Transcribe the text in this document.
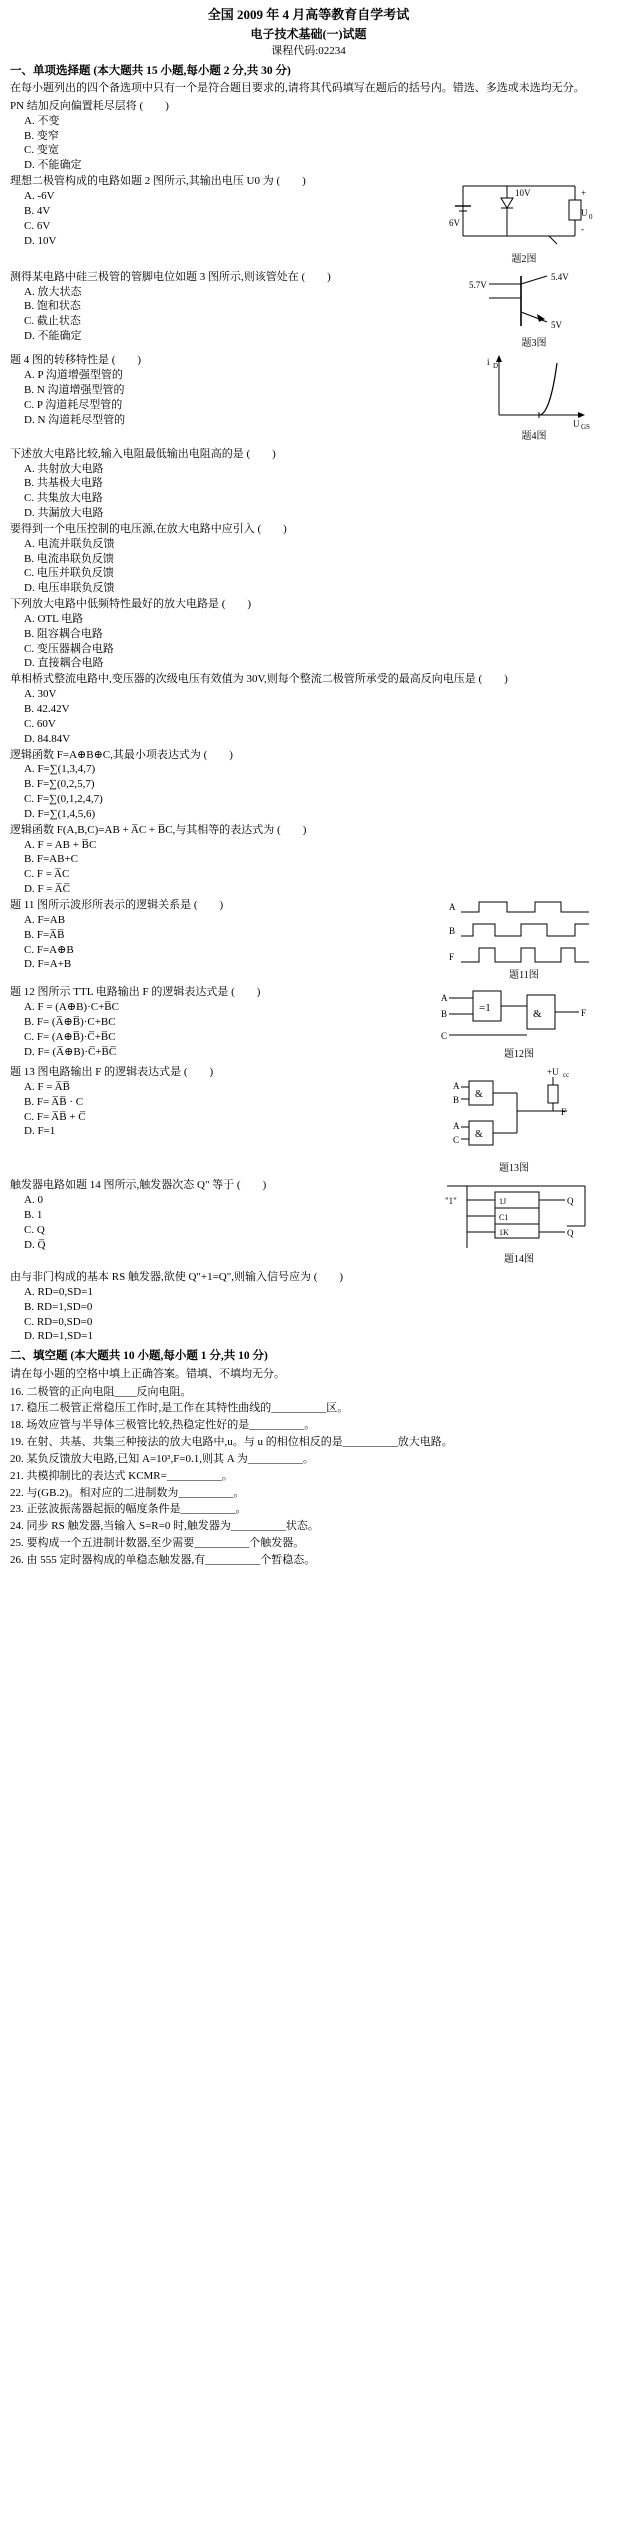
全国 2009 年 4 月高等教育自学考试
电子技术基础(一)试题
课程代码:02234
一、单项选择题 (本大题共 15 小题,每小题 2 分,共 30 分)
在每小题列出的四个备选项中只有一个是符合题目要求的,请将其代码填写在题后的括号内。错选、多选或未选均无分。
PN 结加反向偏置耗尽层将 (　　)
A. 不变
B. 变窄
C. 变宽
D. 不能确定
6V
10V	+
U 0
-
题2图
理想二极管构成的电路如题 2 图所示,其输出电压 U0 为 (　　)
A. -6V
B. 4V
C. 6V
D. 10V
5.7V
5.4V
5V
题3图
测得某电路中硅三极管的管脚电位如题 3 图所示,则该管处在 (　　)
A. 放大状态
B. 饱和状态
C. 截止状态
D. 不能确定
i D
U GS
题4图
题 4 图的转移特性是 (　　)
A. P 沟道增强型管的
B. N 沟道增强型管的
C. P 沟道耗尽型管的
D. N 沟道耗尽型管的
下述放大电路比较,输入电阻最低输出电阻高的是 (　　)
A. 共射放大电路
B. 共基极大电路
C. 共集放大电路
D. 共漏放大电路
要得到一个电压控制的电压源,在放大电路中应引入 (　　)
A. 电流并联负反馈
B. 电流串联负反馈
C. 电压并联负反馈
D. 电压串联负反馈
下列放大电路中低频特性最好的放大电路是 (　　)
A. OTL 电路
B. 阻容耦合电路
C. 变压器耦合电路
D. 直接耦合电路
单相桥式整流电路中,变压器的次级电压有效值为 30V,则每个整流二极管所承受的最高反向电压是 (　　)
A. 30V
B. 42.42V
C. 60V
D. 84.84V
逻辑函数 F=A⊕B⊕C,其最小项表达式为 (　　)
A. F=∑(1,3,4,7)
B. F=∑(0,2,5,7)
C. F=∑(0,1,2,4,7)
D. F=∑(1,4,5,6)
逻辑函数 F(A,B,C)=AB + A̅C + B̅C,与其相等的表达式为 (　　)
A. F = AB + B̅C
B. F=AB+C
C. F = A̅C
D. F = A̅C̅
A
B
F
题11图
题 11 图所示波形所表示的逻辑关系是 (　　)
A. F=AB
B. F=A̅B̅
C. F=A⊕B
D. F=A+B
A
B
C
=1	&	F
题12图
题 12 图所示 TTL 电路输出 F 的逻辑表达式是 (　　)
A. F = (A⊕B)·C+B̅C
B. F= (A̅⊕B̅)·C+BC
C. F= (A⊕B̅)·C̅+B̅C
D. F= (A̅⊕B)·C̅+B̅C̅
+U cc
F
&
A
B
&
A
C
题13图
题 13 图电路输出 F 的逻辑表达式是 (　　)
A. F = A̅B̅
B. F= A̅B̅ · C
C. F= A̅B̅ + C̅
D. F=1
1J
C1
1K
Q
Q
"1"
题14图
触发器电路如题 14 图所示,触发器次态 Q" 等于 (　　)
A. 0
B. 1
C. Q
D. Q̅
由与非门构成的基本 RS 触发器,欲使 Q"+1=Q",则输入信号应为 (　　)
A. RD=0,SD=1
B. RD=1,SD=0
C. RD=0,SD=0
D. RD=1,SD=1
二、填空题 (本大题共 10 小题,每小题 1 分,共 10 分)
请在每小题的空格中填上正确答案。错填、不填均无分。
16. 二极管的正向电阻____反向电阻。
17. 稳压二极管正常稳压工作时,是工作在其特性曲线的__________区。
18. 场效应管与半导体三极管比较,热稳定性好的是__________。
19. 在射、共基、共集三种接法的放大电路中,u。与 u 的相位相反的是__________放大电路。
20. 某负反馈放大电路,已知 A=10³,F=0.1,则其 A 为__________。
21. 共模抑制比的表达式 KCMR=__________。
22. 与(GB.2)。相对应的二进制数为__________。
23. 正弦波振荡器起振的幅度条件是__________。
24. 同步 RS 触发器,当输入 S=R=0 时,触发器为__________状态。
25. 要构成一个五进制计数器,至少需要__________个触发器。
26. 由 555 定时器构成的单稳态触发器,有__________个暂稳态。
